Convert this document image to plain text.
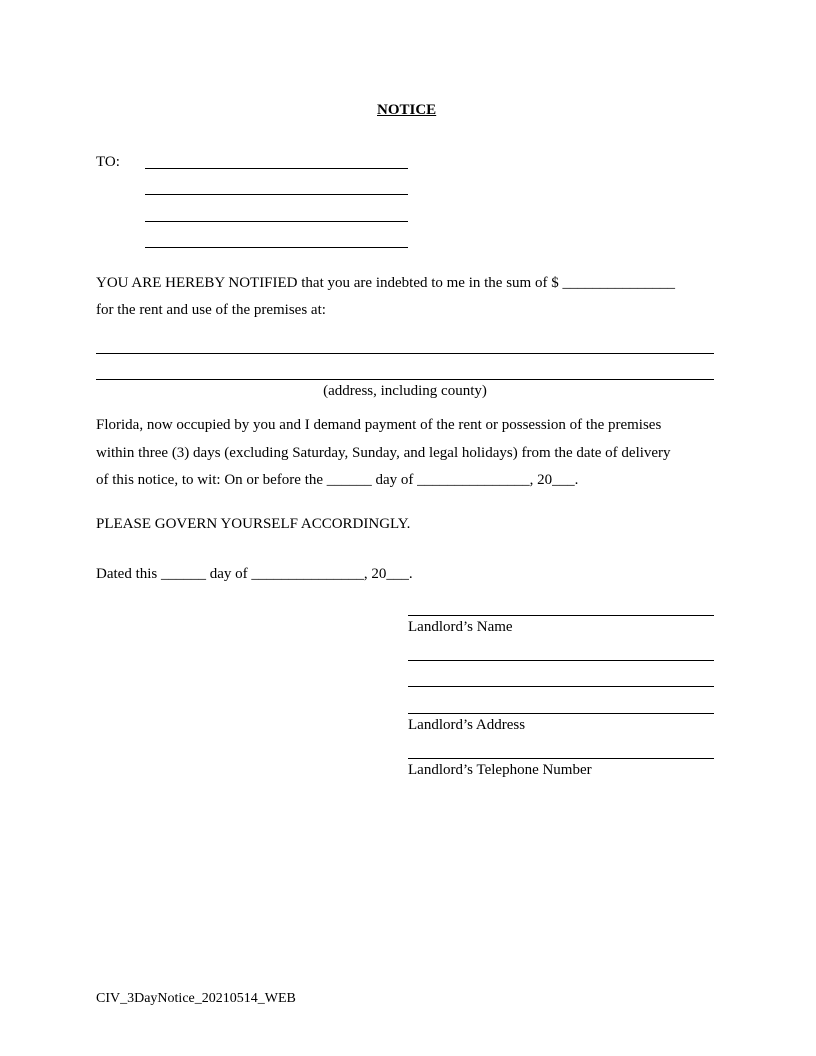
NOTICE
TO:
YOU ARE HEREBY NOTIFIED that you are indebted to me in the sum of $ _______________
for the rent and use of the premises at:
(address, including county)
Florida, now occupied by you and I demand payment of the rent or possession of the premises
within three (3) days (excluding Saturday, Sunday, and legal holidays) from the date of delivery
of this notice, to wit: On or before the ______ day of _______________, 20___.
PLEASE GOVERN YOURSELF ACCORDINGLY.
Dated this ______ day of _______________, 20___.
Landlord’s Name
Landlord’s Address
Landlord’s Telephone Number
CIV_3DayNotice_20210514_WEB
